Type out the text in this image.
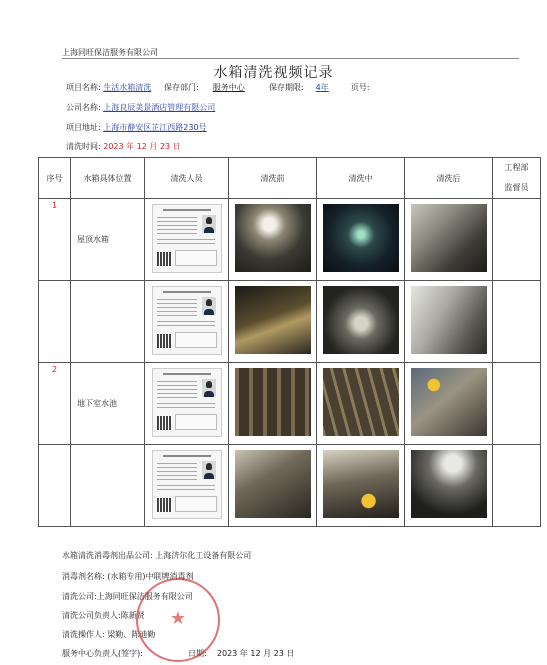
上海同旺保洁服务有限公司
水箱清洗视频记录
项目名称: 生活水箱清洗 保存部门: 服务中心	保存期限: 4年	页号:
公司名称: 上海良辰美景酒店管理有限公司
项目地址: 上海市静安区芷江西路230号
清洗时间: 2023 年 12 月 23 日
序号	水箱具体位置	清洗人员	清洗前	清洗中	清洗后	工程部
监督员
1	屋顶水箱					

2	地下室水池					

水箱清洗消毒剂出品公司: 上海济尔化工设备有限公司
消毒剂名称: (水箱专用)中联牌消毒剂
清洗公司:上海同旺保洁服务有限公司
清洗公司负责人:陈新贤
清洗操作人: 梁勤、陈迪勤
服务中心负责人(签字):	日期: 2023 年 12 月 23 日
★
